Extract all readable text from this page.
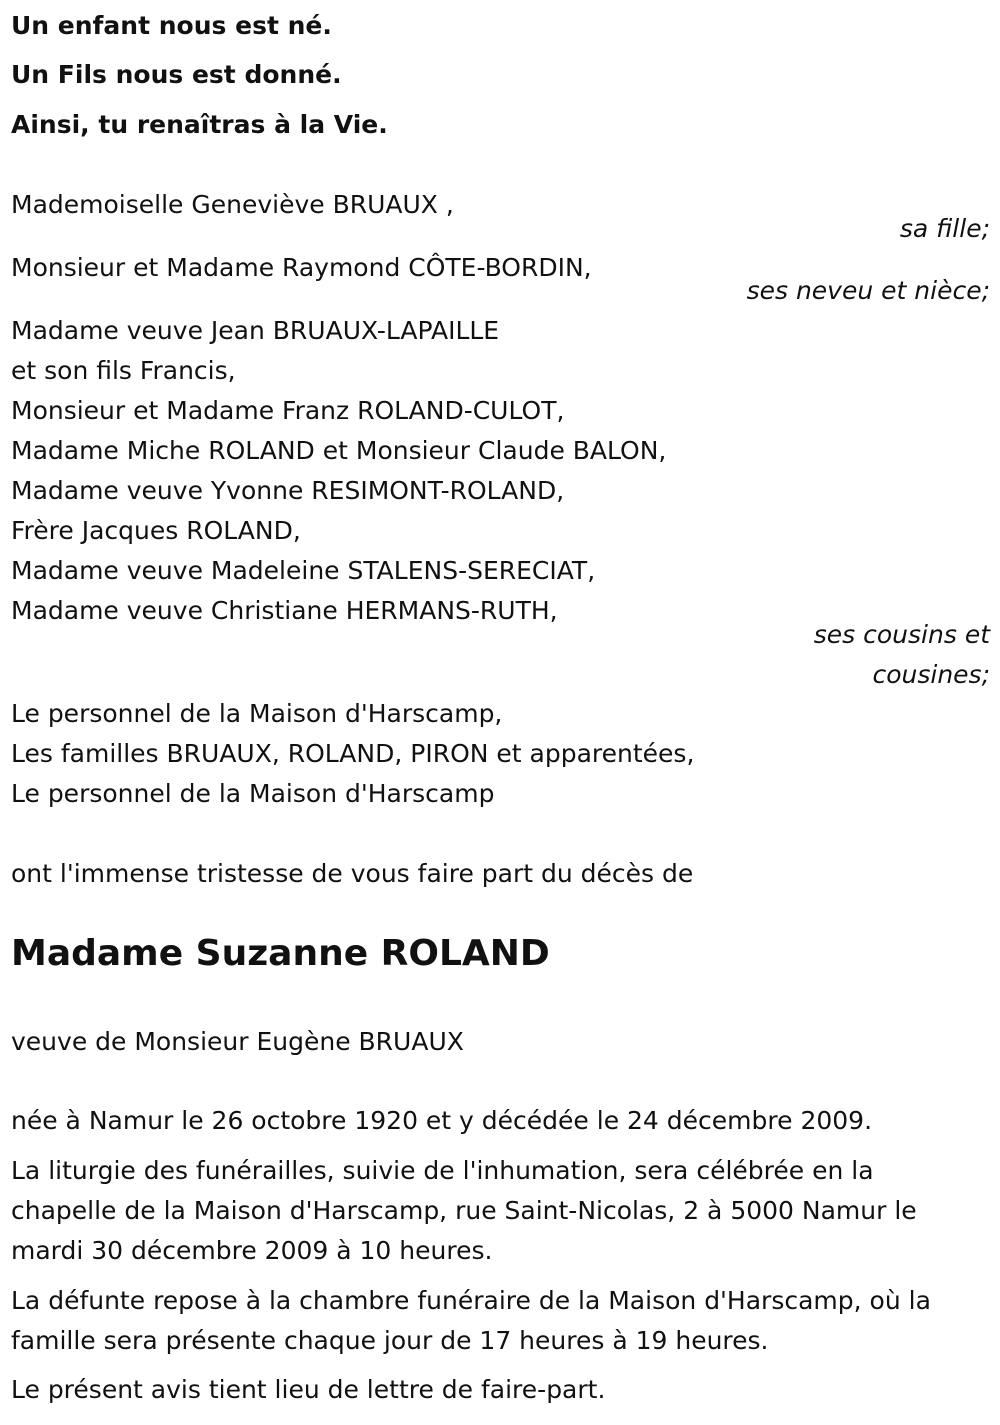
Un enfant nous est né.
Un Fils nous est donné.
Ainsi, tu renaîtras à la Vie.
Mademoiselle Geneviève BRUAUX ,
sa fille;
Monsieur et Madame Raymond CÔTE-BORDIN,
ses neveu et nièce;
Madame veuve Jean BRUAUX-LAPAILLE
et son fils Francis,
Monsieur et Madame Franz ROLAND-CULOT,
Madame Miche ROLAND et Monsieur Claude BALON,
Madame veuve Yvonne RESIMONT-ROLAND,
Frère Jacques ROLAND,
Madame veuve Madeleine STALENS-SERECIAT,
Madame veuve Christiane HERMANS-RUTH,
ses cousins et
cousines;
Le personnel de la Maison d'Harscamp,
Les familles BRUAUX, ROLAND, PIRON et apparentées,
Le personnel de la Maison d'Harscamp
ont l'immense tristesse de vous faire part du décès de
Madame Suzanne ROLAND
veuve de Monsieur Eugène BRUAUX
née à Namur le 26 octobre 1920 et y décédée le 24 décembre 2009.
La liturgie des funérailles, suivie de l'inhumation, sera célébrée en la chapelle de la Maison d'Harscamp, rue Saint-Nicolas, 2 à 5000 Namur le mardi 30 décembre 2009 à 10 heures.
La défunte repose à la chambre funéraire de la Maison d'Harscamp, où la famille sera présente chaque jour de 17 heures à 19 heures.
Le présent avis tient lieu de lettre de faire-part.
